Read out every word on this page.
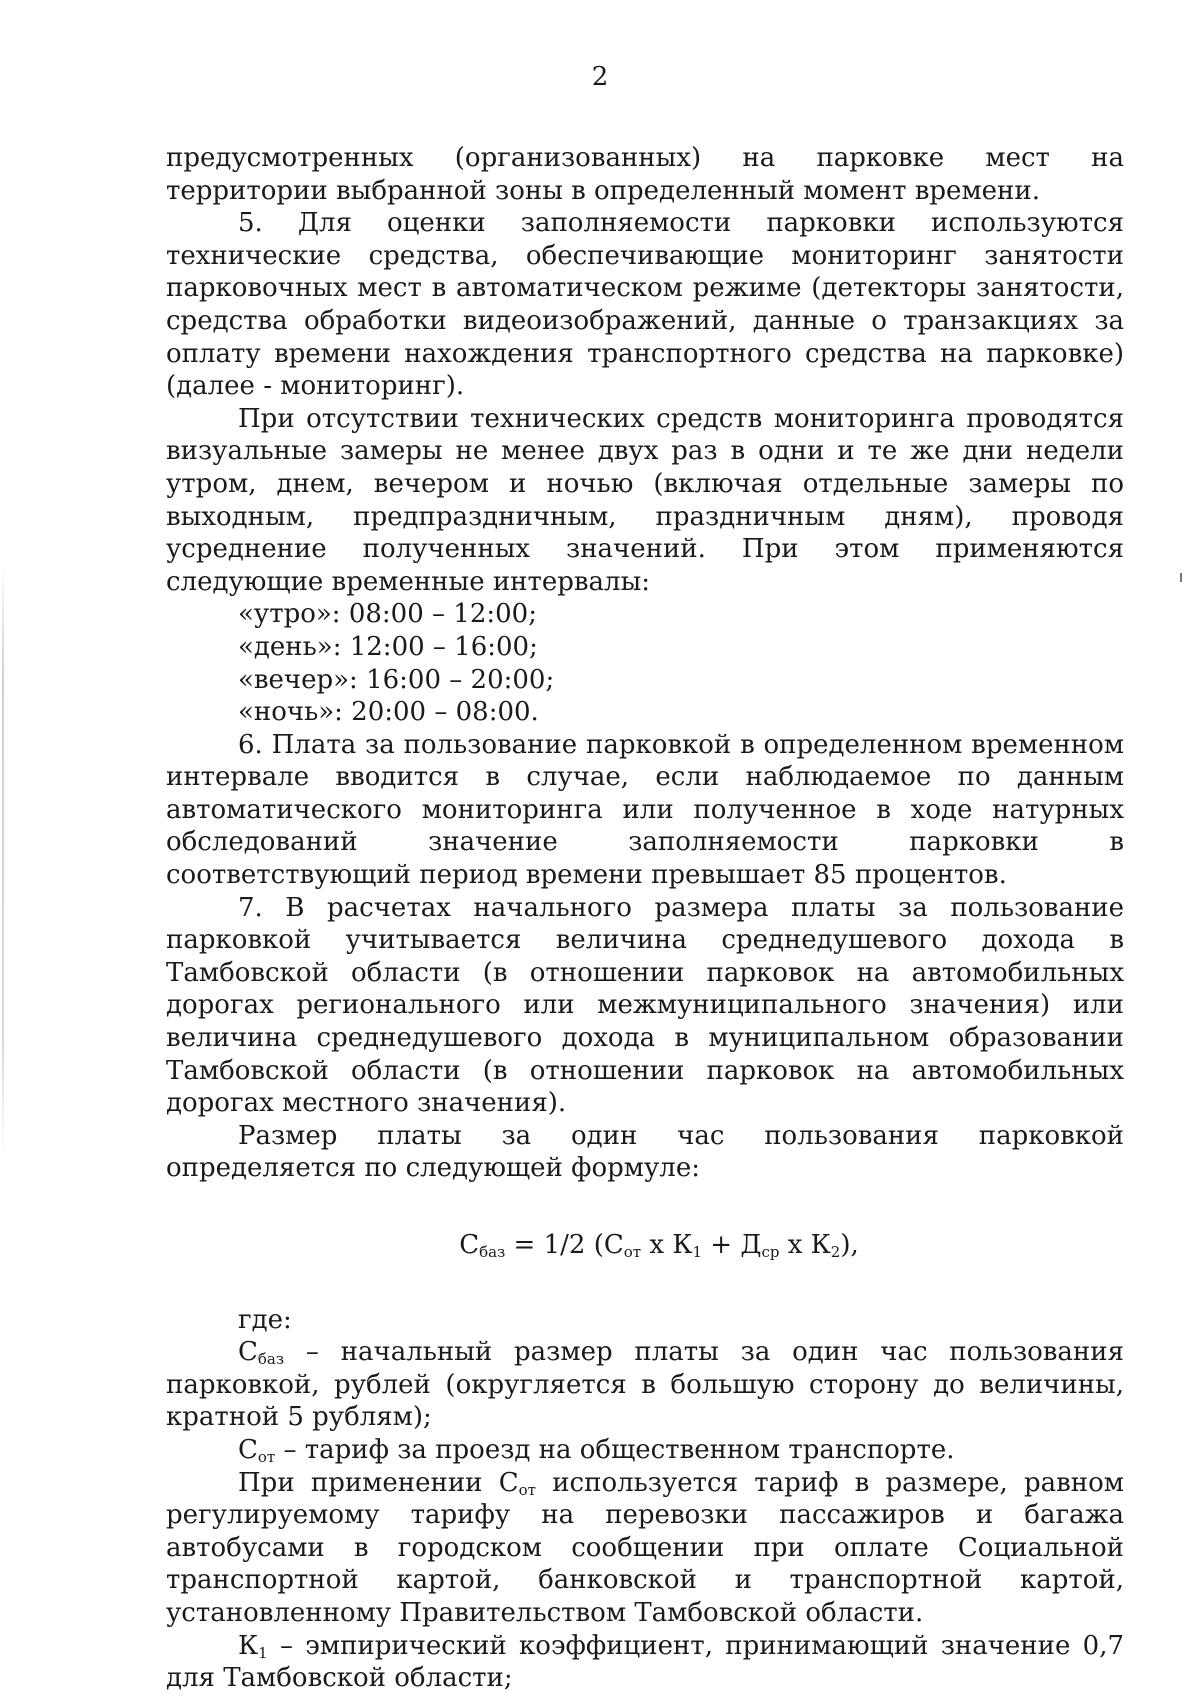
2

предусмотренных (организованных) на парковке мест на территории выбранной зоны в определенный момент времени.

5. Для оценки заполняемости парковки используются технические средства, обеспечивающие мониторинг занятости парковочных мест в автоматическом режиме (детекторы занятости, средства обработки видеоизображений, данные о транзакциях за оплату времени нахождения транспортного средства на парковке) (далее - мониторинг).

При отсутствии технических средств мониторинга проводятся визуальные замеры не менее двух раз в одни и те же дни недели утром, днем, вечером и ночью (включая отдельные замеры по выходным, предпраздничным, праздничным дням), проводя усреднение полученных значений. При этом применяются следующие временные интервалы:

«утро»: 08:00 – 12:00;

«день»: 12:00 – 16:00;

«вечер»: 16:00 – 20:00;

«ночь»: 20:00 – 08:00.

6. Плата за пользование парковкой в определенном временном интервале вводится в случае, если наблюдаемое по данным автоматического мониторинга или полученное в ходе натурных обследований значение заполняемости парковки в соответствующий период времени превышает 85 процентов.

7. В расчетах начального размера платы за пользование парковкой учитывается величина среднедушевого дохода в Тамбовской области (в отношении парковок на автомобильных дорогах регионального или межмуниципального значения) или величина среднедушевого дохода в муниципальном образовании Тамбовской области (в отношении парковок на автомобильных дорогах местного значения).

Размер платы за один час пользования парковкой определяется по следующей формуле:

$С_{баз} = 1/2$ ($С_{от}$ х $К_1 + Д_{ср}$ х $К_2$),

где:

$С_{баз}$ – начальный размер платы за один час пользования парковкой, рублей (округляется в большую сторону до величины, кратной 5 рублям);

$С_{от}$ – тариф за проезд на общественном транспорте.

При применении $С_{от}$ используется тариф в размере, равном регулируемому тарифу на перевозки пассажиров и багажа автобусами в городском сообщении при оплате Социальной транспортной картой, банковской и транспортной картой, установленному Правительством Тамбовской области.

$К_1$ – эмпирический коэффициент, принимающий значение 0,7 для Тамбовской области;
